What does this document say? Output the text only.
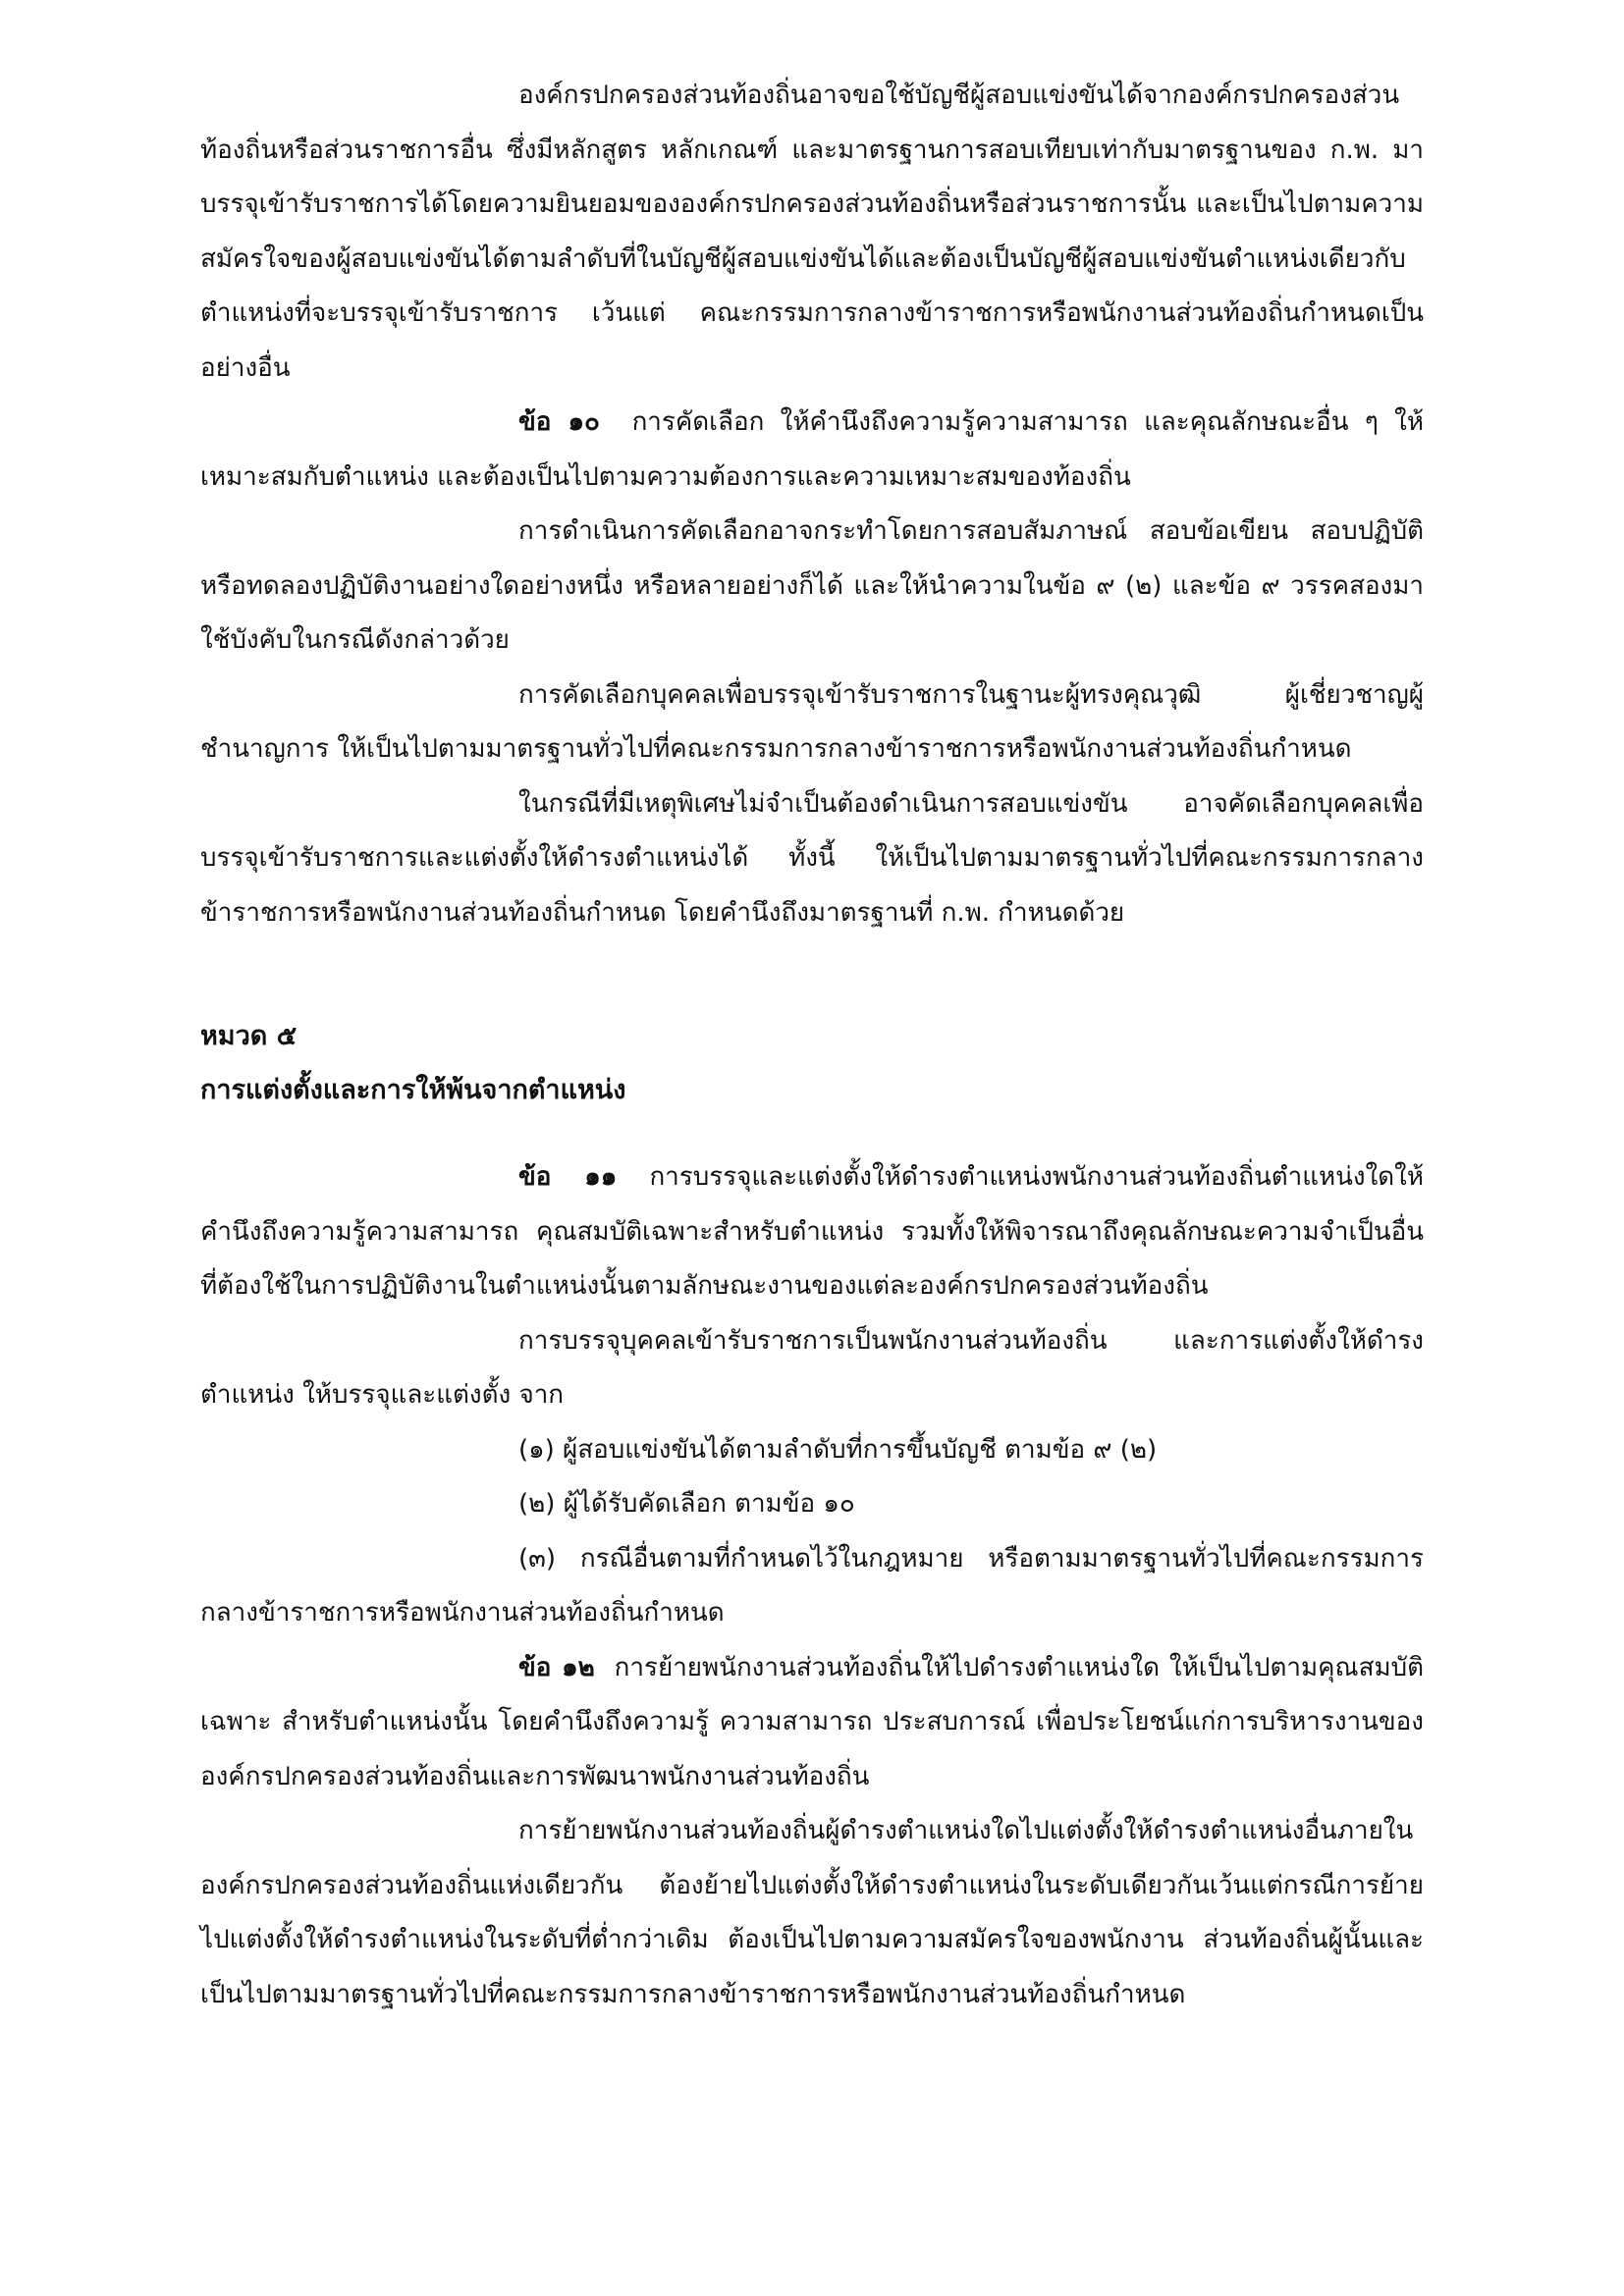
องค์กรปกครองส่วนท้องถิ่นอาจขอใช้บัญชีผู้สอบแข่งขันได้จากองค์กรปกครองส่วนท้องถิ่นหรือส่วนราชการอื่น ซึ่งมีหลักสูตร หลักเกณฑ์ และมาตรฐานการสอบเทียบเท่ากับมาตรฐานของ ก.พ. มาบรรจุเข้ารับราชการได้โดยความยินยอมขององค์กรปกครองส่วนท้องถิ่นหรือส่วนราชการนั้น และเป็นไปตามความสมัครใจของผู้สอบแข่งขันได้ตามลำดับที่ในบัญชีผู้สอบแข่งขันได้และต้องเป็นบัญชีผู้สอบแข่งขันตำแหน่งเดียวกับตำแหน่งที่จะบรรจุเข้ารับราชการ เว้นแต่ คณะกรรมการกลางข้าราชการหรือพนักงานส่วนท้องถิ่นกำหนดเป็นอย่างอื่น

ข้อ ๑๐ การคัดเลือก ให้คำนึงถึงความรู้ความสามารถ และคุณลักษณะอื่น ๆ ให้เหมาะสมกับตำแหน่ง และต้องเป็นไปตามความต้องการและความเหมาะสมของท้องถิ่น

การดำเนินการคัดเลือกอาจกระทำโดยการสอบสัมภาษณ์ สอบข้อเขียน สอบปฏิบัติหรือทดลองปฏิบัติงานอย่างใดอย่างหนึ่ง หรือหลายอย่างก็ได้ และให้นำความในข้อ ๙ (๒) และข้อ ๙ วรรคสองมาใช้บังคับในกรณีดังกล่าวด้วย

การคัดเลือกบุคคลเพื่อบรรจุเข้ารับราชการในฐานะผู้ทรงคุณวุฒิ ผู้เชี่ยวชาญผู้ชำนาญการ ให้เป็นไปตามมาตรฐานทั่วไปที่คณะกรรมการกลางข้าราชการหรือพนักงานส่วนท้องถิ่นกำหนด

ในกรณีที่มีเหตุพิเศษไม่จำเป็นต้องดำเนินการสอบแข่งขัน อาจคัดเลือกบุคคลเพื่อบรรจุเข้ารับราชการและแต่งตั้งให้ดำรงตำแหน่งได้ ทั้งนี้ ให้เป็นไปตามมาตรฐานทั่วไปที่คณะกรรมการกลางข้าราชการหรือพนักงานส่วนท้องถิ่นกำหนด โดยคำนึงถึงมาตรฐานที่ ก.พ. กำหนดด้วย

หมวด ๕

การแต่งตั้งและการให้พ้นจากตำแหน่ง

ข้อ ๑๑ การบรรจุและแต่งตั้งให้ดำรงตำแหน่งพนักงานส่วนท้องถิ่นตำแหน่งใดให้คำนึงถึงความรู้ความสามารถ คุณสมบัติเฉพาะสำหรับตำแหน่ง รวมทั้งให้พิจารณาถึงคุณลักษณะความจำเป็นอื่น ที่ต้องใช้ในการปฏิบัติงานในตำแหน่งนั้นตามลักษณะงานของแต่ละองค์กรปกครองส่วนท้องถิ่น

การบรรจุบุคคลเข้ารับราชการเป็นพนักงานส่วนท้องถิ่น และการแต่งตั้งให้ดำรงตำแหน่ง ให้บรรจุและแต่งตั้ง จาก

(๑) ผู้สอบแข่งขันได้ตามลำดับที่การขึ้นบัญชี ตามข้อ ๙ (๒)

(๒) ผู้ได้รับคัดเลือก ตามข้อ ๑๐

(๓) กรณีอื่นตามที่กำหนดไว้ในกฎหมาย หรือตามมาตรฐานทั่วไปที่คณะกรรมการกลางข้าราชการหรือพนักงานส่วนท้องถิ่นกำหนด

ข้อ ๑๒ การย้ายพนักงานส่วนท้องถิ่นให้ไปดำรงตำแหน่งใด ให้เป็นไปตามคุณสมบัติเฉพาะ สำหรับตำแหน่งนั้น โดยคำนึงถึงความรู้ ความสามารถ ประสบการณ์ เพื่อประโยชน์แก่การบริหารงานของ องค์กรปกครองส่วนท้องถิ่นและการพัฒนาพนักงานส่วนท้องถิ่น

การย้ายพนักงานส่วนท้องถิ่นผู้ดำรงตำแหน่งใดไปแต่งตั้งให้ดำรงตำแหน่งอื่นภายในองค์กรปกครองส่วนท้องถิ่นแห่งเดียวกัน ต้องย้ายไปแต่งตั้งให้ดำรงตำแหน่งในระดับเดียวกันเว้นแต่กรณีการย้ายไปแต่งตั้งให้ดำรงตำแหน่งในระดับที่ต่ำกว่าเดิม ต้องเป็นไปตามความสมัครใจของพนักงาน ส่วนท้องถิ่นผู้นั้นและเป็นไปตามมาตรฐานทั่วไปที่คณะกรรมการกลางข้าราชการหรือพนักงานส่วนท้องถิ่นกำหนด
